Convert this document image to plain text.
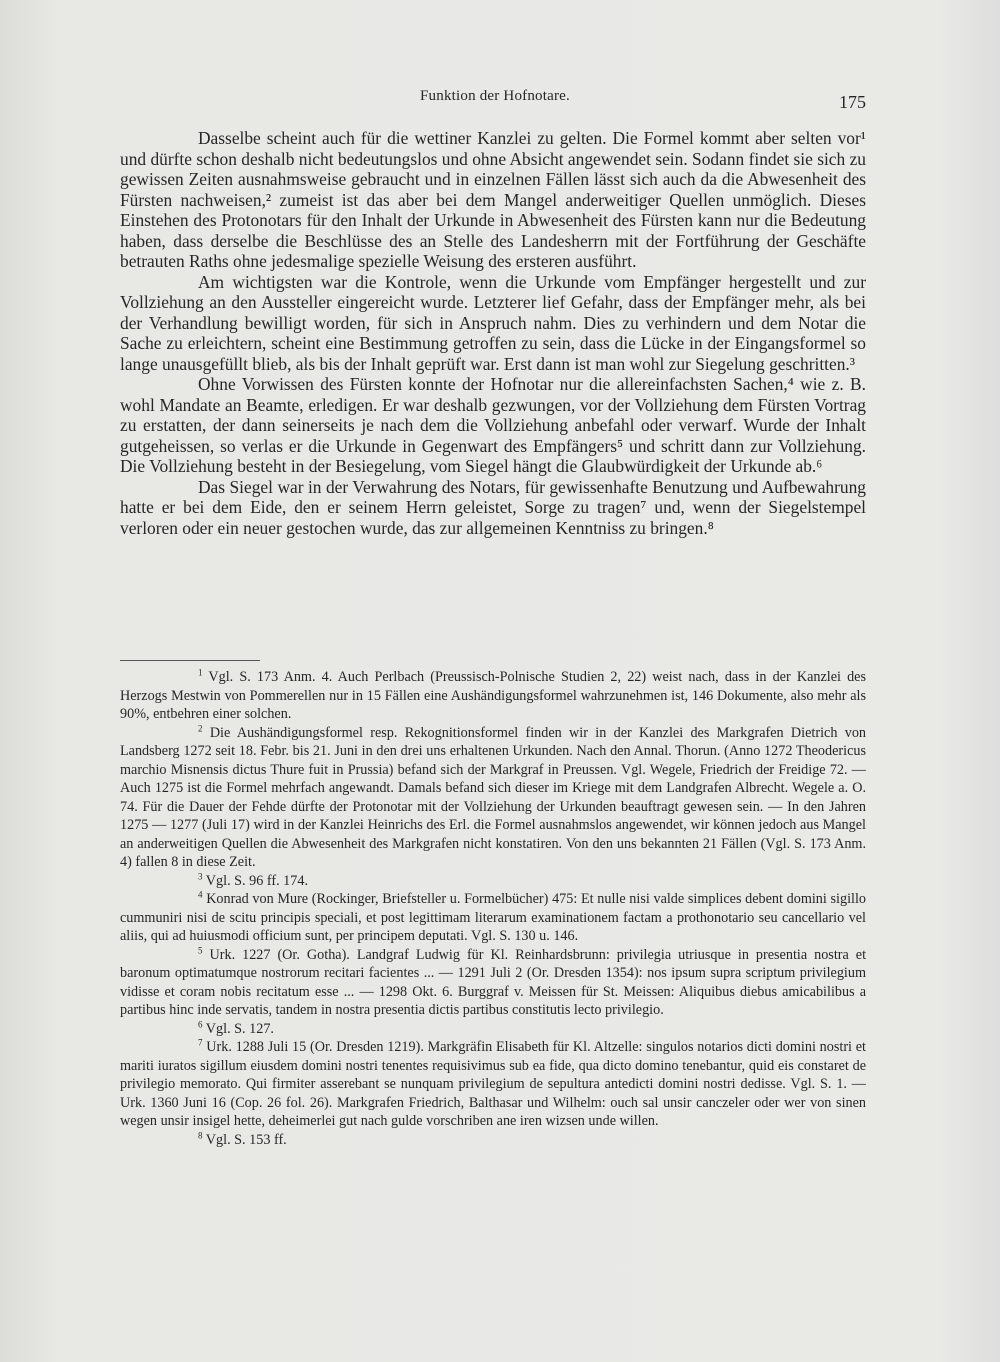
Funktion der Hofnotare.	175

Dasselbe scheint auch für die wettiner Kanzlei zu gelten. Die Formel kommt aber selten vor¹ und dürfte schon deshalb nicht bedeutungslos und ohne Absicht angewendet sein. Sodann findet sie sich zu gewissen Zeiten ausnahmsweise gebraucht und in einzelnen Fällen lässt sich auch da die Abwesenheit des Fürsten nachweisen,² zumeist ist das aber bei dem Mangel anderweitiger Quellen unmöglich. Dieses Einstehen des Protonotars für den Inhalt der Urkunde in Abwesenheit des Fürsten kann nur die Bedeutung haben, dass derselbe die Beschlüsse des an Stelle des Landesherrn mit der Fortführung der Geschäfte betrauten Raths ohne jedesmalige spezielle Weisung des ersteren ausführt.

Am wichtigsten war die Kontrole, wenn die Urkunde vom Empfänger hergestellt und zur Vollziehung an den Aussteller eingereicht wurde. Letzterer lief Gefahr, dass der Empfänger mehr, als bei der Verhandlung bewilligt worden, für sich in Anspruch nahm. Dies zu verhindern und dem Notar die Sache zu erleichtern, scheint eine Bestimmung getroffen zu sein, dass die Lücke in der Eingangsformel so lange unausgefüllt blieb, als bis der Inhalt geprüft war. Erst dann ist man wohl zur Siegelung geschritten.³

Ohne Vorwissen des Fürsten konnte der Hofnotar nur die allereinfachsten Sachen,⁴ wie z. B. wohl Mandate an Beamte, erledigen. Er war deshalb gezwungen, vor der Vollziehung dem Fürsten Vortrag zu erstatten, der dann seinerseits je nach dem die Vollziehung anbefahl oder verwarf. Wurde der Inhalt gutgeheissen, so verlas er die Urkunde in Gegenwart des Empfängers⁵ und schritt dann zur Vollziehung. Die Vollziehung besteht in der Besiegelung, vom Siegel hängt die Glaubwürdigkeit der Urkunde ab.⁶

Das Siegel war in der Verwahrung des Notars, für gewissenhafte Benutzung und Aufbewahrung hatte er bei dem Eide, den er seinem Herrn geleistet, Sorge zu tragen⁷ und, wenn der Siegelstempel verloren oder ein neuer gestochen wurde, das zur allgemeinen Kenntniss zu bringen.⁸

$^1$ Vgl. S. 173 Anm. 4. Auch Perlbach (Preussisch-Polnische Studien 2, 22) weist nach, dass in der Kanzlei des Herzogs Mestwin von Pommerellen nur in 15 Fällen eine Aushändigungsformel wahrzunehmen ist, 146 Dokumente, also mehr als 90%, entbehren einer solchen.

$^2$ Die Aushändigungsformel resp. Rekognitionsformel finden wir in der Kanzlei des Markgrafen Dietrich von Landsberg 1272 seit 18. Febr. bis 21. Juni in den drei uns erhaltenen Urkunden. Nach den Annal. Thorun. (Anno 1272 Theodericus marchio Misnensis dictus Thure fuit in Prussia) befand sich der Markgraf in Preussen. Vgl. Wegele, Friedrich der Freidige 72. — Auch 1275 ist die Formel mehrfach angewandt. Damals befand sich dieser im Kriege mit dem Landgrafen Albrecht. Wegele a. O. 74. Für die Dauer der Fehde dürfte der Protonotar mit der Vollziehung der Urkunden beauftragt gewesen sein. — In den Jahren 1275 — 1277 (Juli 17) wird in der Kanzlei Heinrichs des Erl. die Formel ausnahmslos angewendet, wir können jedoch aus Mangel an anderweitigen Quellen die Abwesenheit des Markgrafen nicht konstatiren. Von den uns bekannten 21 Fällen (Vgl. S. 173 Anm. 4) fallen 8 in diese Zeit.

$^3$ Vgl. S. 96 ff. 174.

$^4$ Konrad von Mure (Rockinger, Briefsteller u. Formelbücher) 475: Et nulle nisi valde simplices debent domini sigillo cummuniri nisi de scitu principis speciali, et post legittimam literarum examinationem factam a prothonotario seu cancellario vel aliis, qui ad huiusmodi officium sunt, per principem deputati. Vgl. S. 130 u. 146.

$^5$ Urk. 1227 (Or. Gotha). Landgraf Ludwig für Kl. Reinhardsbrunn: privilegia utriusque in presentia nostra et baronum optimatumque nostrorum recitari facientes ... — 1291 Juli 2 (Or. Dresden 1354): nos ipsum supra scriptum privilegium vidisse et coram nobis recitatum esse ... — 1298 Okt. 6. Burggraf v. Meissen für St. Meissen: Aliquibus diebus amicabilibus a partibus hinc inde servatis, tandem in nostra presentia dictis partibus constitutis lecto privilegio.

$^6$ Vgl. S. 127.

$^7$ Urk. 1288 Juli 15 (Or. Dresden 1219). Markgräfin Elisabeth für Kl. Altzelle: singulos notarios dicti domini nostri et mariti iuratos sigillum eiusdem domini nostri tenentes requisivimus sub ea fide, qua dicto domino tenebantur, quid eis constaret de privilegio memorato. Qui firmiter asserebant se nunquam privilegium de sepultura antedicti domini nostri dedisse. Vgl. S. 1. — Urk. 1360 Juni 16 (Cop. 26 fol. 26). Markgrafen Friedrich, Balthasar und Wilhelm: ouch sal unsir canczeler oder wer von sinen wegen unsir insigel hette, deheimerlei gut nach gulde vorschriben ane iren wizsen unde willen.

$^8$ Vgl. S. 153 ff.
